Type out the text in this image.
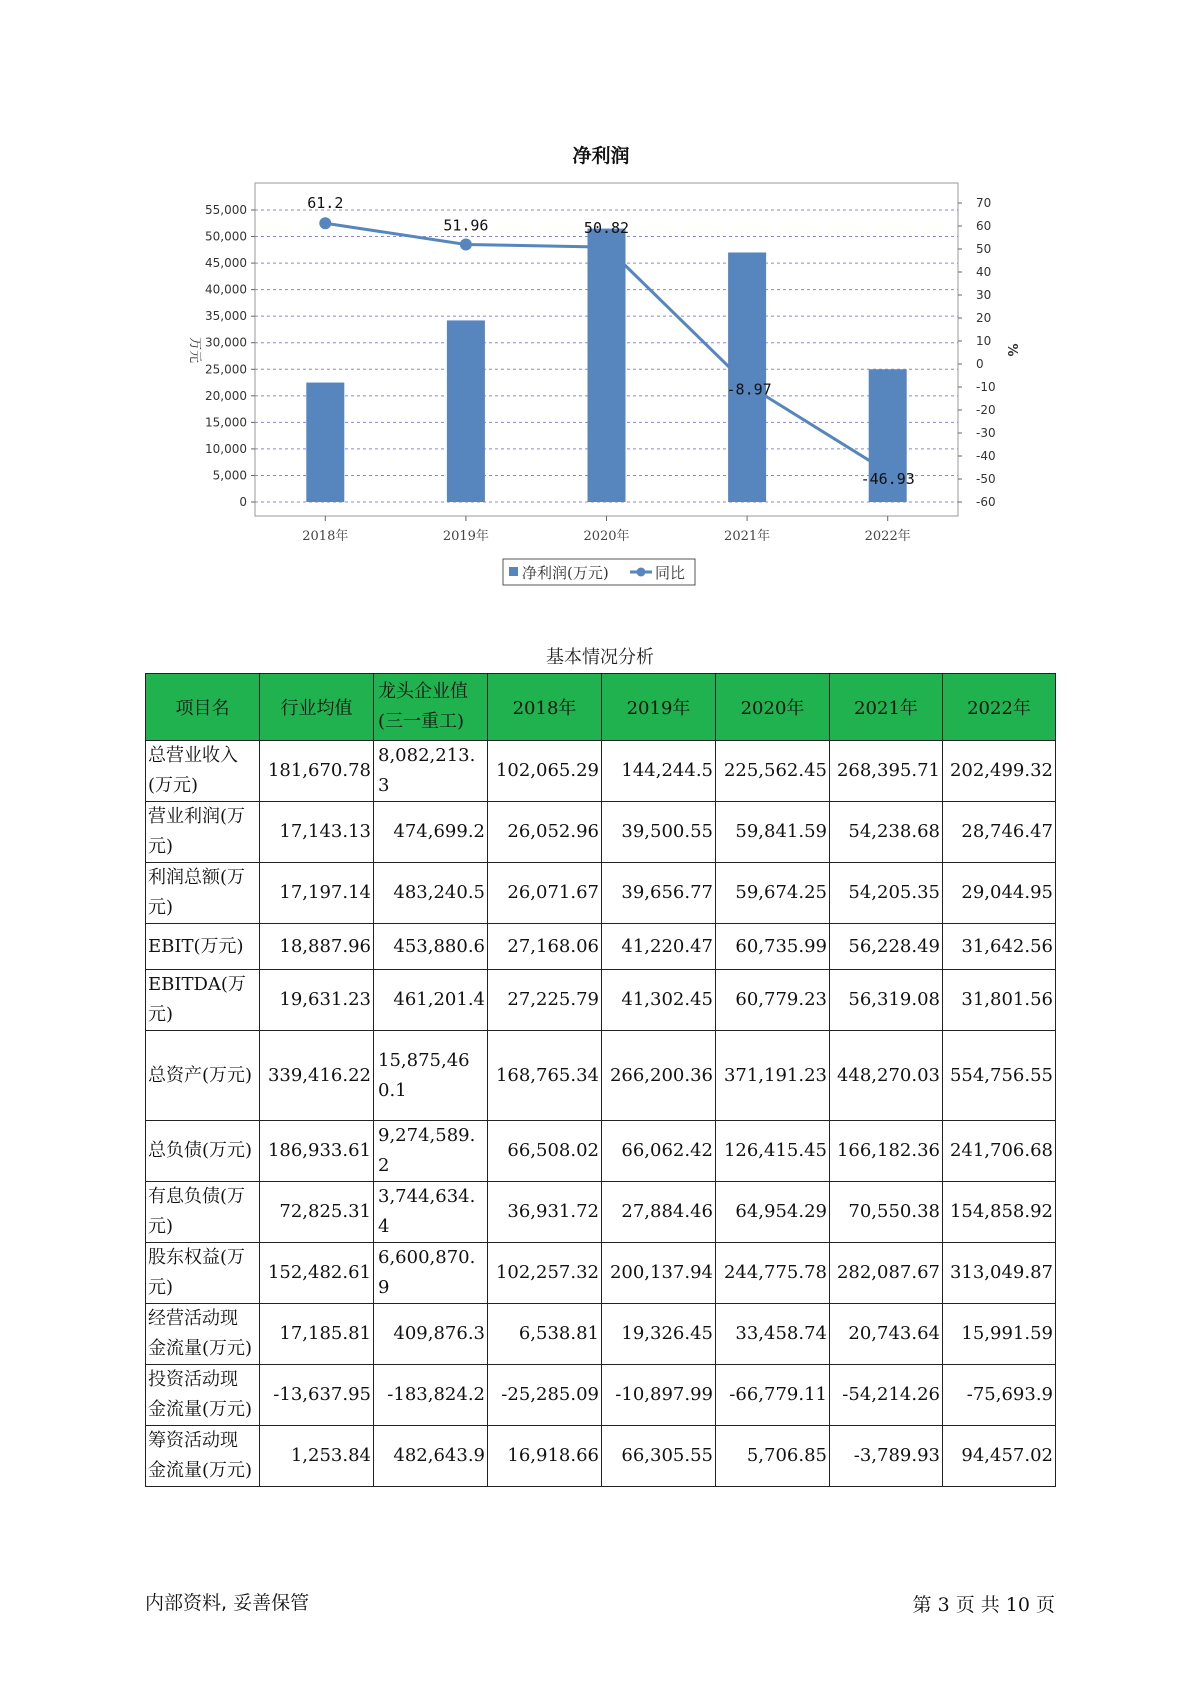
净利润
0
5,000
10,000
15,000
20,000
25,000
30,000
35,000
40,000
45,000
50,000
55,000
-60
-50
-40
-30
-20
-10
0
10
20
30
40
50
60
70
万元	%
2018年	2019年	2020年	2021年	2022年
61.2
51.96	50.82
-8.97
-46.93
净利润(万元)	同比
基本情况分析
项目名	行业均值	龙头企业值(三一重工)	2018年	2019年	2020年	2021年	2022年
总营业收入(万元)	181,670.78	8,082,213.3	102,065.29	144,244.5	225,562.45	268,395.71	202,499.32
营业利润(万元)	17,143.13	474,699.2	26,052.96	39,500.55	59,841.59	54,238.68	28,746.47
利润总额(万元)	17,197.14	483,240.5	26,071.67	39,656.77	59,674.25	54,205.35	29,044.95
EBIT(万元)	18,887.96	453,880.6	27,168.06	41,220.47	60,735.99	56,228.49	31,642.56
EBITDA(万元)	19,631.23	461,201.4	27,225.79	41,302.45	60,779.23	56,319.08	31,801.56
总资产(万元)	339,416.22	15,875,460.1	168,765.34	266,200.36	371,191.23	448,270.03	554,756.55
总负债(万元)	186,933.61	9,274,589.2	66,508.02	66,062.42	126,415.45	166,182.36	241,706.68
有息负债(万元)	72,825.31	3,744,634.4	36,931.72	27,884.46	64,954.29	70,550.38	154,858.92
股东权益(万元)	152,482.61	6,600,870.9	102,257.32	200,137.94	244,775.78	282,087.67	313,049.87
经营活动现金流量(万元)	17,185.81	409,876.3	6,538.81	19,326.45	33,458.74	20,743.64	15,991.59
投资活动现金流量(万元)	-13,637.95	-183,824.2	-25,285.09	-10,897.99	-66,779.11	-54,214.26	-75,693.9
筹资活动现金流量(万元)	1,253.84	482,643.9	16,918.66	66,305.55	5,706.85	-3,789.93	94,457.02
内部资料, 妥善保管	第 3 页 共 10 页
